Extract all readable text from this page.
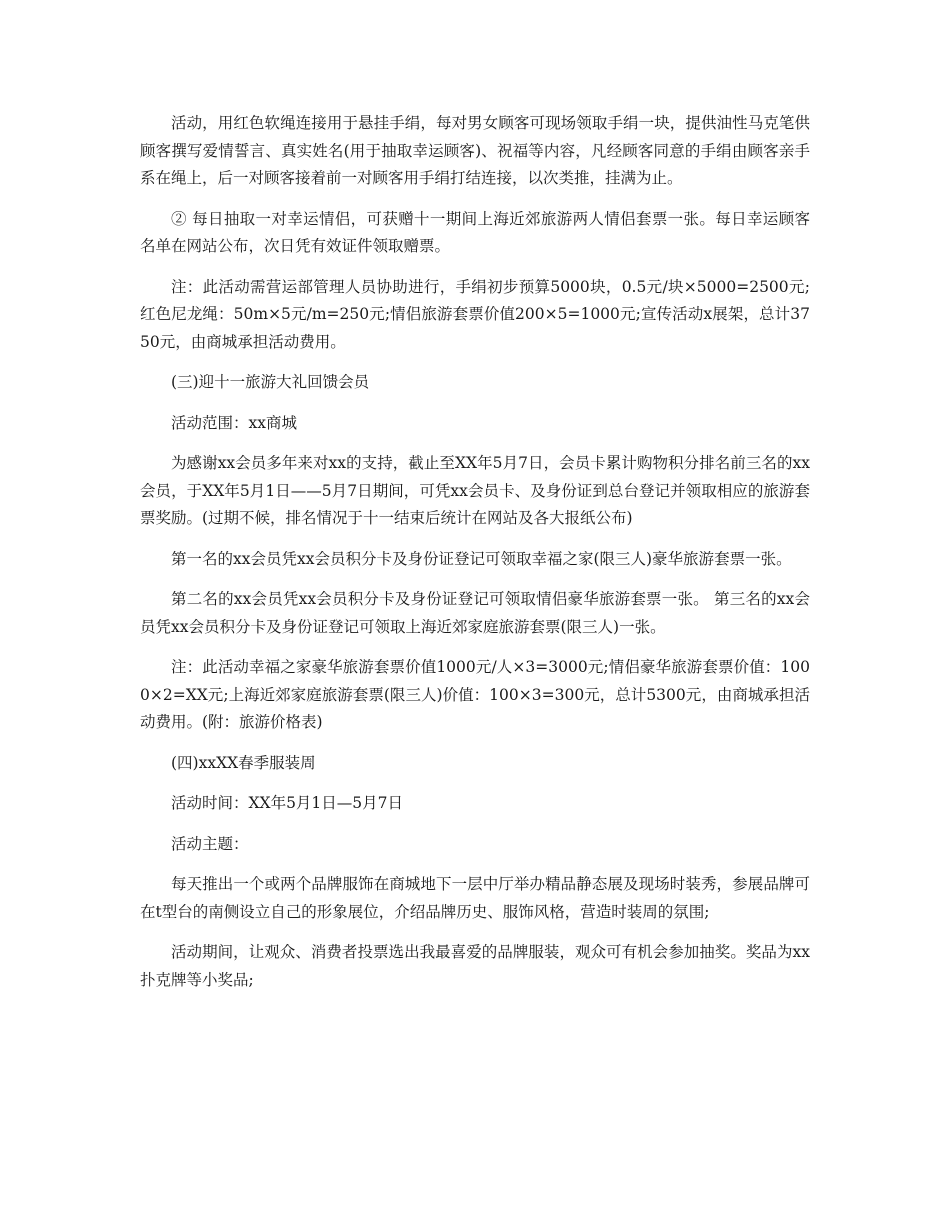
活动，用红色软绳连接用于悬挂手绢，每对男女顾客可现场领取手绢一块，提供油性马克笔供顾客撰写爱情誓言、真实姓名(用于抽取幸运顾客)、祝福等内容，凡经顾客同意的手绢由顾客亲手系在绳上，后一对顾客接着前一对顾客用手绢打结连接，以次类推，挂满为止。

② 每日抽取一对幸运情侣，可获赠十一期间上海近郊旅游两人情侣套票一张。每日幸运顾客名单在网站公布，次日凭有效证件领取赠票。

注：此活动需营运部管理人员协助进行，手绢初步预算5000块，0.5元/块×5000=2500元;红色尼龙绳：50m×5元/m=250元;情侣旅游套票价值200×5=1000元;宣传活动x展架，总计3750元，由商城承担活动费用。

(三)迎十一旅游大礼回馈会员

活动范围：xx商城

为感谢xx会员多年来对xx的支持，截止至XX年5月7日，会员卡累计购物积分排名前三名的xx会员，于XX年5月1日——5月7日期间，可凭xx会员卡、及身份证到总台登记并领取相应的旅游套票奖励。(过期不候，排名情况于十一结束后统计在网站及各大报纸公布)

第一名的xx会员凭xx会员积分卡及身份证登记可领取幸福之家(限三人)豪华旅游套票一张。

第二名的xx会员凭xx会员积分卡及身份证登记可领取情侣豪华旅游套票一张。 第三名的xx会员凭xx会员积分卡及身份证登记可领取上海近郊家庭旅游套票(限三人)一张。

注：此活动幸福之家豪华旅游套票价值1000元/人×3=3000元;情侣豪华旅游套票价值：1000×2=XX元;上海近郊家庭旅游套票(限三人)价值：100×3=300元，总计5300元，由商城承担活动费用。(附：旅游价格表)

(四)xxXX春季服装周

活动时间：XX年5月1日—5月7日

活动主题：

每天推出一个或两个品牌服饰在商城地下一层中厅举办精品静态展及现场时装秀，参展品牌可在t型台的南侧设立自己的形象展位，介绍品牌历史、服饰风格，营造时装周的氛围;

活动期间，让观众、消费者投票选出我最喜爱的品牌服装，观众可有机会参加抽奖。奖品为xx扑克牌等小奖品;
